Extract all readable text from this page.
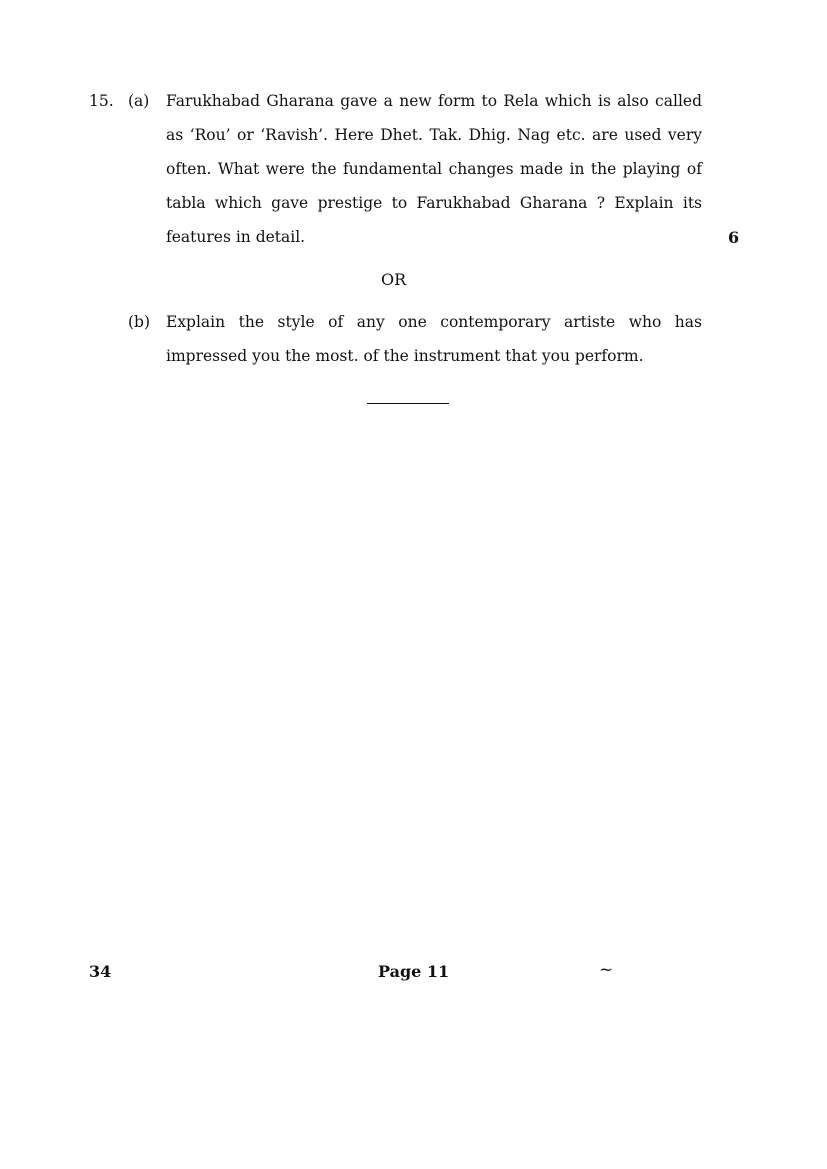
15. (a) Farukhabad Gharana gave a new form to Rela which is also called as ‘Rou’ or ‘Ravish’. Here Dhet. Tak. Dhig. Nag etc. are used very often. What were the fundamental changes made in the playing of tabla which gave prestige to Farukhabad Gharana ? Explain its features in detail.	6
OR
(b) Explain the style of any one contemporary artiste who has impressed you the most. of the instrument that you perform.

34	Page 11	~
